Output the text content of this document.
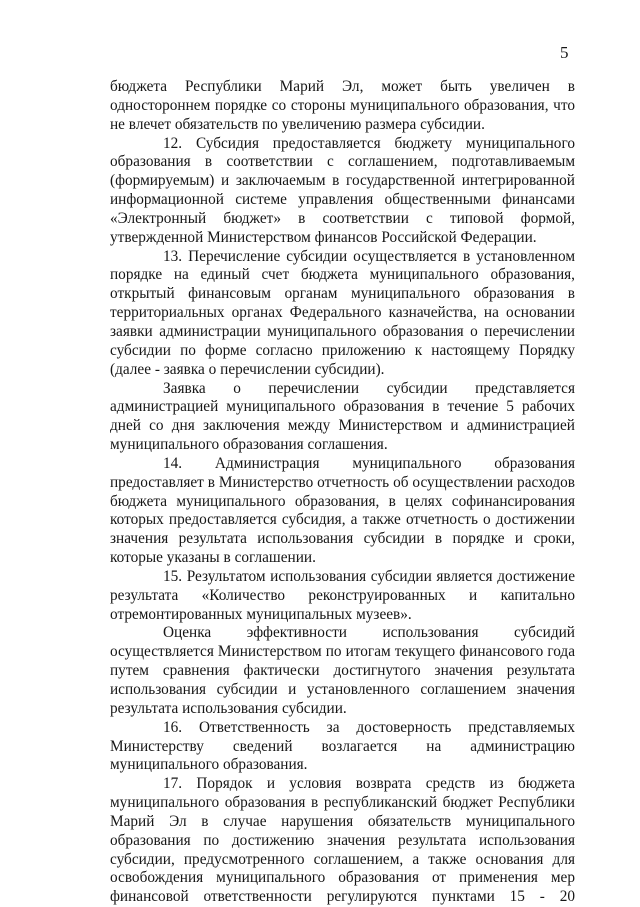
5

бюджета Республики Марий Эл, может быть увеличен в одностороннем порядке со стороны муниципального образования, что не влечет обязательств по увеличению размера субсидии.

12. Субсидия предоставляется бюджету муниципального образования в соответствии с соглашением, подготавливаемым (формируемым) и заключаемым в государственной интегрированной информационной системе управления общественными финансами «Электронный бюджет» в соответствии с типовой формой, утвержденной Министерством финансов Российской Федерации.

13. Перечисление субсидии осуществляется в установленном порядке на единый счет бюджета муниципального образования, открытый финансовым органам муниципального образования в территориальных органах Федерального казначейства, на основании заявки администрации муниципального образования о перечислении субсидии по форме согласно приложению к настоящему Порядку (далее - заявка о перечислении субсидии).

Заявка о перечислении субсидии представляется администрацией муниципального образования в течение 5 рабочих дней со дня заключения между Министерством и администрацией муниципального образования соглашения.

14. Администрация муниципального образования предоставляет в Министерство отчетность об осуществлении расходов бюджета муниципального образования, в целях софинансирования которых предоставляется субсидия, а также отчетность о достижении значения результата использования субсидии в порядке и сроки, которые указаны в соглашении.

15. Результатом использования субсидии является достижение результата «Количество реконструированных и капитально отремонтированных муниципальных музеев».

Оценка эффективности использования субсидий осуществляется Министерством по итогам текущего финансового года путем сравнения фактически достигнутого значения результата использования субсидии и установленного соглашением значения результата использования субсидии.

16. Ответственность за достоверность представляемых Министерству сведений возлагается на администрацию муниципального образования.

17. Порядок и условия возврата средств из бюджета муниципального образования в республиканский бюджет Республики Марий Эл в случае нарушения обязательств муниципального образования по достижению значения результата использования субсидии, предусмотренного соглашением, а также основания для освобождения муниципального образования от применения мер финансовой ответственности регулируются пунктами 15 - 20
